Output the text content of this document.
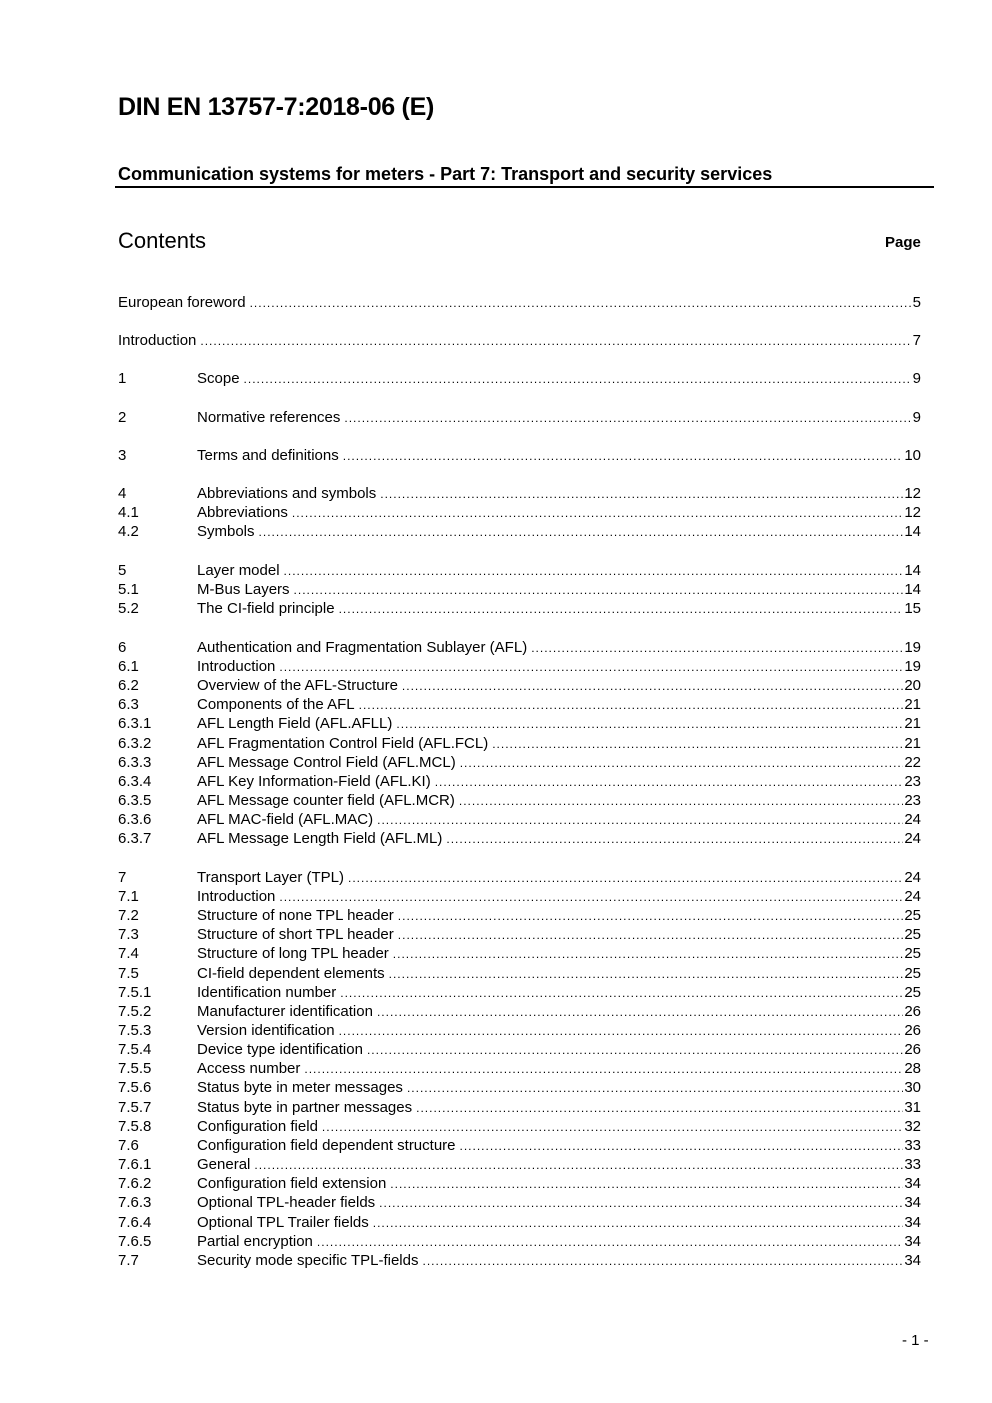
DIN EN 13757-7:2018-06 (E)
Communication systems for meters - Part 7: Transport and security services
Contents	Page
European foreword .....	5
Introduction .....	7
1	Scope .....	9
2	Normative references .....	9
3	Terms and definitions .....	10
4	Abbreviations and symbols .....	12
4.1	Abbreviations .....	12
4.2	Symbols .....	14
5	Layer model .....	14
5.1	M-Bus Layers .....	14
5.2	The CI-field principle .....	15
6	Authentication and Fragmentation Sublayer (AFL) .....	19
6.1	Introduction .....	19
6.2	Overview of the AFL-Structure .....	20
6.3	Components of the AFL .....	21
6.3.1	AFL Length Field (AFL.AFLL) .....	21
6.3.2	AFL Fragmentation Control Field (AFL.FCL) .....	21
6.3.3	AFL Message Control Field (AFL.MCL) .....	22
6.3.4	AFL Key Information-Field (AFL.KI) .....	23
6.3.5	AFL Message counter field (AFL.MCR) .....	23
6.3.6	AFL MAC-field (AFL.MAC) .....	24
6.3.7	AFL Message Length Field (AFL.ML) .....	24
7	Transport Layer (TPL) .....	24
7.1	Introduction .....	24
7.2	Structure of none TPL header .....	25
7.3	Structure of short TPL header .....	25
7.4	Structure of long TPL header .....	25
7.5	CI-field dependent elements .....	25
7.5.1	Identification number .....	25
7.5.2	Manufacturer identification .....	26
7.5.3	Version identification .....	26
7.5.4	Device type identification .....	26
7.5.5	Access number .....	28
7.5.6	Status byte in meter messages .....	30
7.5.7	Status byte in partner messages .....	31
7.5.8	Configuration field .....	32
7.6	Configuration field dependent structure .....	33
7.6.1	General .....	33
7.6.2	Configuration field extension .....	34
7.6.3	Optional TPL-header fields .....	34
7.6.4	Optional TPL Trailer fields .....	34
7.6.5	Partial encryption .....	34
7.7	Security mode specific TPL-fields .....	34
- 1 -
